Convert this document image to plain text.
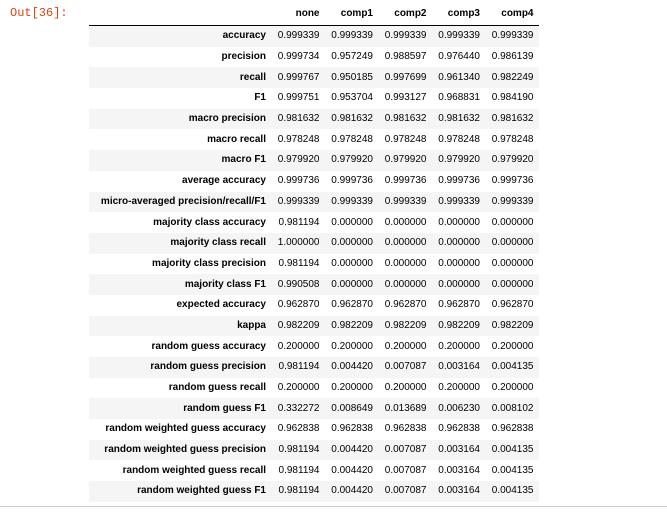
Out[36]:
		none	comp1	comp2	comp3	comp4
accuracy	0.999339	0.999339	0.999339	0.999339	0.999339
precision	0.999734	0.957249	0.988597	0.976440	0.986139
recall	0.999767	0.950185	0.997699	0.961340	0.982249
F1	0.999751	0.953704	0.993127	0.968831	0.984190
macro precision	0.981632	0.981632	0.981632	0.981632	0.981632
macro recall	0.978248	0.978248	0.978248	0.978248	0.978248
macro F1	0.979920	0.979920	0.979920	0.979920	0.979920
average accuracy	0.999736	0.999736	0.999736	0.999736	0.999736
micro-averaged precision/recall/F1	0.999339	0.999339	0.999339	0.999339	0.999339
majority class accuracy	0.981194	0.000000	0.000000	0.000000	0.000000
majority class recall	1.000000	0.000000	0.000000	0.000000	0.000000
majority class precision	0.981194	0.000000	0.000000	0.000000	0.000000
majority class F1	0.990508	0.000000	0.000000	0.000000	0.000000
expected accuracy	0.962870	0.962870	0.962870	0.962870	0.962870
kappa	0.982209	0.982209	0.982209	0.982209	0.982209
random guess accuracy	0.200000	0.200000	0.200000	0.200000	0.200000
random guess precision	0.981194	0.004420	0.007087	0.003164	0.004135
random guess recall	0.200000	0.200000	0.200000	0.200000	0.200000
random guess F1	0.332272	0.008649	0.013689	0.006230	0.008102
random weighted guess accuracy	0.962838	0.962838	0.962838	0.962838	0.962838
random weighted guess precision	0.981194	0.004420	0.007087	0.003164	0.004135
random weighted guess recall	0.981194	0.004420	0.007087	0.003164	0.004135
random weighted guess F1	0.981194	0.004420	0.007087	0.003164	0.004135
